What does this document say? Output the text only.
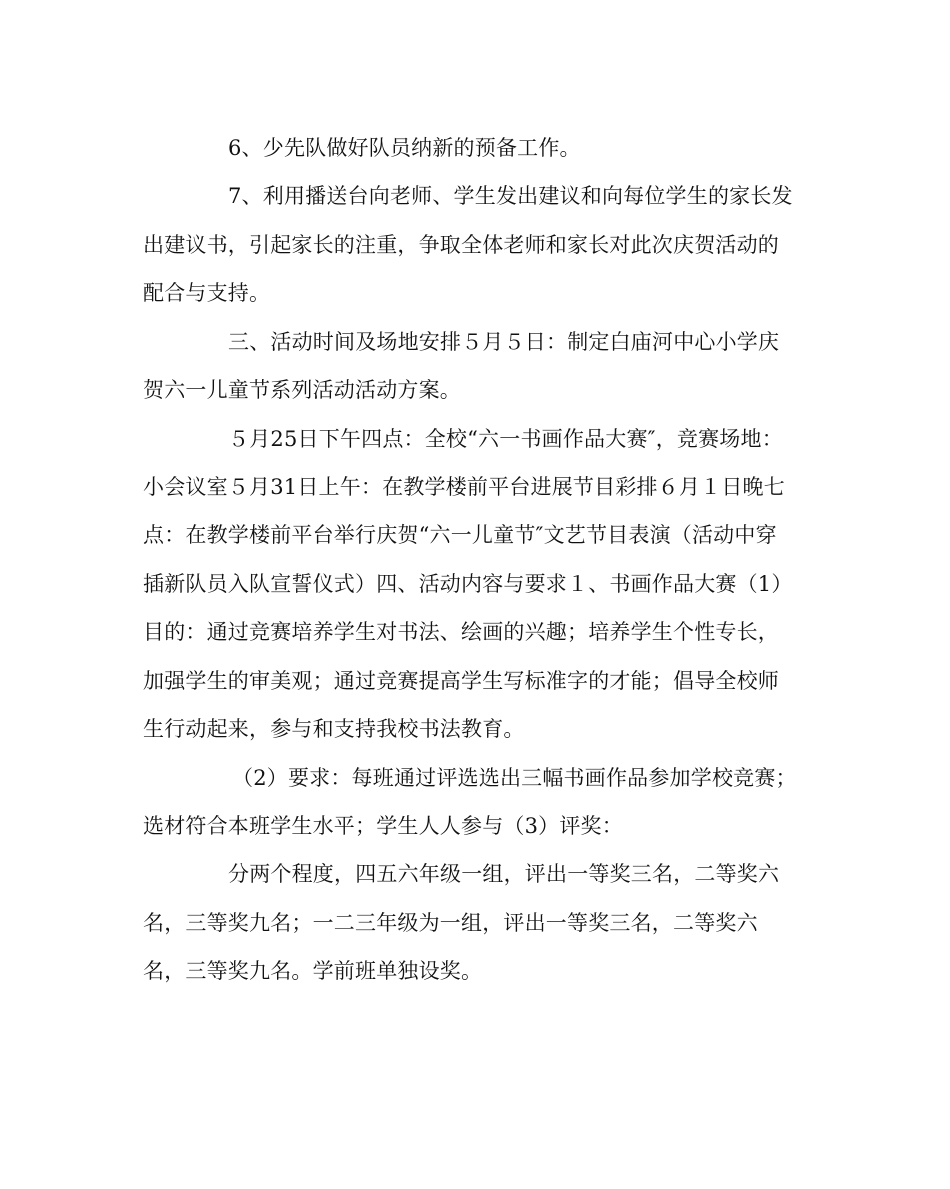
6、少先队做好队员纳新的预备工作。

7、利用播送台向老师、学生发出建议和向每位学生的家长发

出建议书，引起家长的注重，争取全体老师和家长对此次庆贺活动的

配合与支持。

三、活动时间及场地安排５月５日：制定白庙河中心小学庆

贺六一儿童节系列活动活动方案。

５月25日下午四点：全校“六一书画作品大赛″，竞赛场地：

小会议室５月31日上午：在教学楼前平台进展节目彩排６月１日晚七

点：在教学楼前平台举行庆贺“六一儿童节″文艺节目表演（活动中穿

插新队员入队宣誓仪式）四、活动内容与要求１、书画作品大赛（1）

目的：通过竞赛培养学生对书法、绘画的兴趣；培养学生个性专长，

加强学生的审美观；通过竞赛提高学生写标准字的才能；倡导全校师

生行动起来，参与和支持我校书法教育。

（2）要求：每班通过评选选出三幅书画作品参加学校竞赛；

选材符合本班学生水平；学生人人参与（3）评奖：

分两个程度，四五六年级一组，评出一等奖三名，二等奖六

名，三等奖九名；一二三年级为一组，评出一等奖三名，二等奖六

名，三等奖九名。学前班单独设奖。
